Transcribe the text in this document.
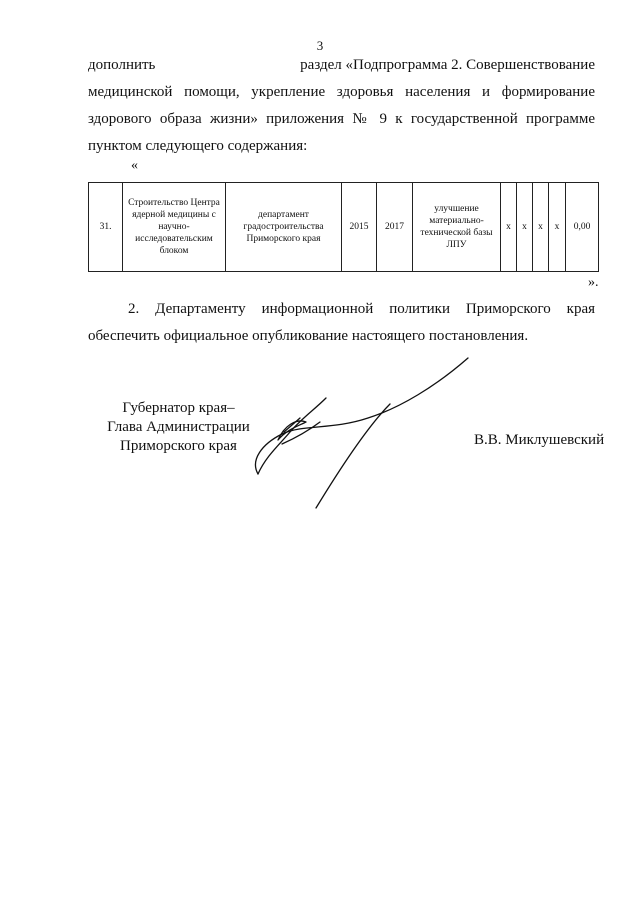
3
дополнить	раздел «Подпрограмма 2. Совершенствование
медицинской помощи, укрепление здоровья населения и формирование
здорового образа жизни» приложения № 9 к государственной программе
пунктом следующего содержания:
«
31.	Строительство Центра ядерной медицины с научно-исследовательским блоком	департамент градостроительства Приморского края	2015	2017	улучшение материально-технической базы ЛПУ	х	х	х	х	0,00
».
2. Департаменту информационной политики Приморского края
обеспечить официальное опубликование настоящего постановления.
Губернатор края–
Глава Администрации
Приморского края	В.В. Миклушевский
